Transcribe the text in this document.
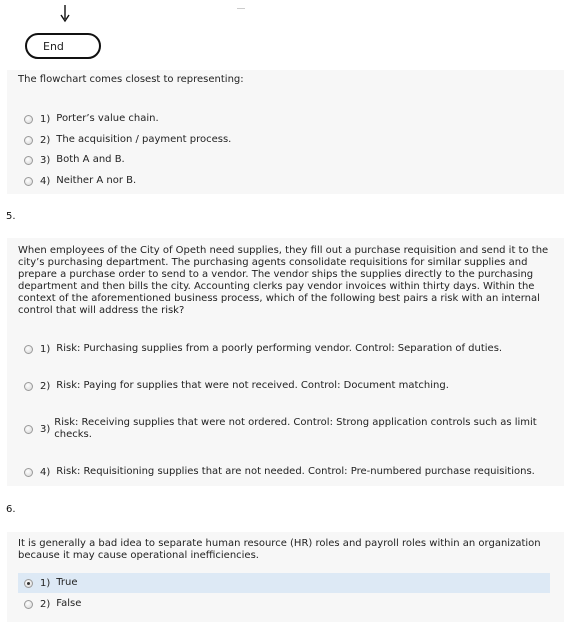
End
The flowchart comes closest to representing:
1) Porter’s value chain.
2) The acquisition / payment process.
3) Both A and B.
4) Neither A nor B.
5.
When employees of the City of Opeth need supplies, they fill out a purchase requisition and send it to the city’s purchasing department. The purchasing agents consolidate requisitions for similar supplies and prepare a purchase order to send to a vendor. The vendor ships the supplies directly to the purchasing department and then bills the city. Accounting clerks pay vendor invoices within thirty days. Within the context of the aforementioned business process, which of the following best pairs a risk with an internal control that will address the risk?
1) Risk: Purchasing supplies from a poorly performing vendor. Control: Separation of duties.
2) Risk: Paying for supplies that were not received. Control: Document matching.
3)
Risk: Receiving supplies that were not ordered. Control: Strong application controls such as limit checks.
4) Risk: Requisitioning supplies that are not needed. Control: Pre-numbered purchase requisitions.
6.
It is generally a bad idea to separate human resource (HR) roles and payroll roles within an organization because it may cause operational inefficiencies.
1) True
2) False
